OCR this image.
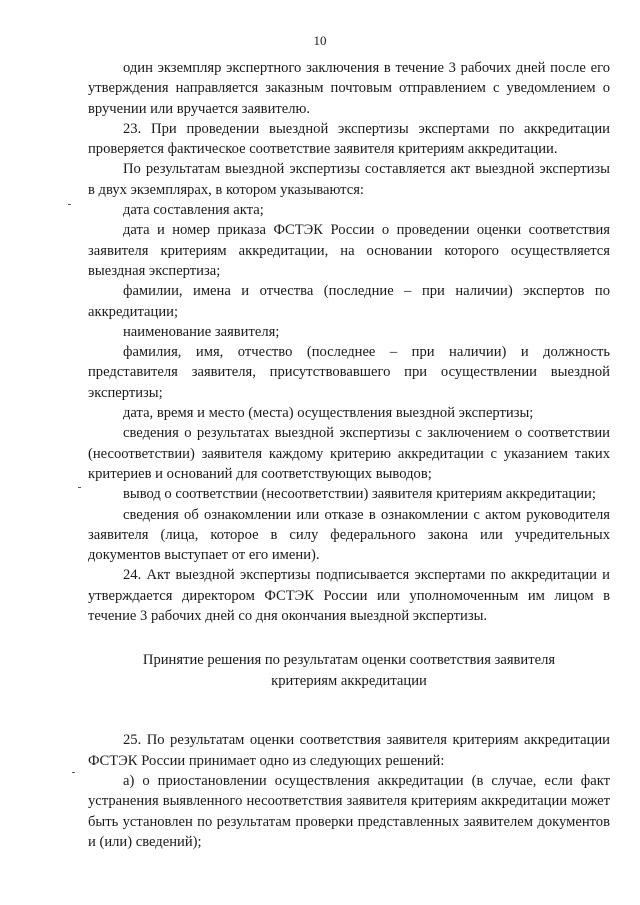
10

один экземпляр экспертного заключения в течение 3 рабочих дней после его утверждения направляется заказным почтовым отправлением с уведомлением о вручении или вручается заявителю.

23. При проведении выездной экспертизы экспертами по аккредитации проверяется фактическое соответствие заявителя критериям аккредитации.

По результатам выездной экспертизы составляется акт выездной экспертизы в двух экземплярах, в котором указываются:

дата составления акта;

дата и номер приказа ФСТЭК России о проведении оценки соответствия заявителя критериям аккредитации, на основании которого осуществляется выездная экспертиза;

фамилии, имена и отчества (последние – при наличии) экспертов по аккредитации;

наименование заявителя;

фамилия, имя, отчество (последнее – при наличии) и должность представителя заявителя, присутствовавшего при осуществлении выездной экспертизы;

дата, время и место (места) осуществления выездной экспертизы;

сведения о результатах выездной экспертизы с заключением о соответствии (несоответствии) заявителя каждому критерию аккредитации с указанием таких критериев и оснований для соответствующих выводов;

вывод о соответствии (несоответствии) заявителя критериям аккредитации;

сведения об ознакомлении или отказе в ознакомлении с актом руководителя заявителя (лица, которое в силу федерального закона или учредительных документов выступает от его имени).

24. Акт выездной экспертизы подписывается экспертами по аккредитации и утверждается директором ФСТЭК России или уполномоченным им лицом в течение 3 рабочих дней со дня окончания выездной экспертизы.

Принятие решения по результатам оценки соответствия заявителя
критериям аккредитации

25. По результатам оценки соответствия заявителя критериям аккредитации ФСТЭК России принимает одно из следующих решений:

а) о приостановлении осуществления аккредитации (в случае, если факт устранения выявленного несоответствия заявителя критериям аккредитации может быть установлен по результатам проверки представленных заявителем документов и (или) сведений);
